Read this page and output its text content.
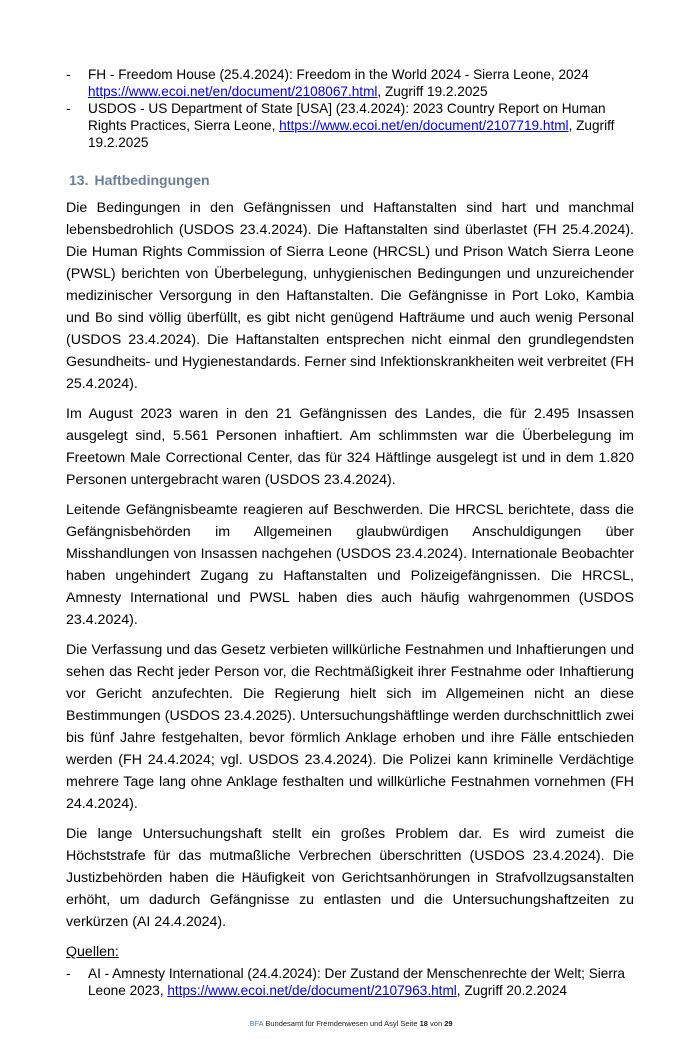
-	FH - Freedom House (25.4.2024): Freedom in the World 2024 - Sierra Leone, 2024 https://www.ecoi.net/en/document/2108067.html, Zugriff 19.2.2025
-	USDOS - US Department of State [USA] (23.4.2024): 2023 Country Report on Human Rights Practices, Sierra Leone, https://www.ecoi.net/en/document/2107719.html, Zugriff 19.2.2025
13. Haftbedingungen

Die Bedingungen in den Gefängnissen und Haftanstalten sind hart und manchmal lebensbedrohlich (USDOS 23.4.2024). Die Haftanstalten sind überlastet (FH 25.4.2024). Die Human Rights Commission of Sierra Leone (HRCSL) und Prison Watch Sierra Leone (PWSL) berichten von Überbelegung, unhygienischen Bedingungen und unzureichender medizinischer Versorgung in den Haftanstalten. Die Gefängnisse in Port Loko, Kambia und Bo sind völlig überfüllt, es gibt nicht genügend Hafträume und auch wenig Personal (USDOS 23.4.2024). Die Haftanstalten entsprechen nicht einmal den grundlegendsten Gesundheits- und Hygienestandards. Ferner sind Infektionskrankheiten weit verbreitet (FH 25.4.2024).

Im August 2023 waren in den 21 Gefängnissen des Landes, die für 2.495 Insassen ausgelegt sind, 5.561 Personen inhaftiert. Am schlimmsten war die Überbelegung im Freetown Male Correctional Center, das für 324 Häftlinge ausgelegt ist und in dem 1.820 Personen untergebracht waren (USDOS 23.4.2024).

Leitende Gefängnisbeamte reagieren auf Beschwerden. Die HRCSL berichtete, dass die Gefängnisbehörden im Allgemeinen glaubwürdigen Anschuldigungen über Misshandlungen von Insassen nachgehen (USDOS 23.4.2024). Internationale Beobachter haben ungehindert Zugang zu Haftanstalten und Polizeigefängnissen. Die HRCSL, Amnesty International und PWSL haben dies auch häufig wahrgenommen (USDOS 23.4.2024).

Die Verfassung und das Gesetz verbieten willkürliche Festnahmen und Inhaftierungen und sehen das Recht jeder Person vor, die Rechtmäßigkeit ihrer Festnahme oder Inhaftierung vor Gericht anzufechten. Die Regierung hielt sich im Allgemeinen nicht an diese Bestimmungen (USDOS 23.4.2025). Untersuchungshäftlinge werden durchschnittlich zwei bis fünf Jahre festgehalten, bevor förmlich Anklage erhoben und ihre Fälle entschieden werden (FH 24.4.2024; vgl. USDOS 23.4.2024). Die Polizei kann kriminelle Verdächtige mehrere Tage lang ohne Anklage festhalten und willkürliche Festnahmen vornehmen (FH 24.4.2024).

Die lange Untersuchungshaft stellt ein großes Problem dar. Es wird zumeist die Höchststrafe für das mutmaßliche Verbrechen überschritten (USDOS 23.4.2024). Die Justizbehörden haben die Häufigkeit von Gerichtsanhörungen in Strafvollzugsanstalten erhöht, um dadurch Gefängnisse zu entlasten und die Untersuchungshaftzeiten zu verkürzen (AI 24.4.2024).

Quellen:
-	AI - Amnesty International (24.4.2024): Der Zustand der Menschenrechte der Welt; Sierra Leone 2023, https://www.ecoi.net/de/document/2107963.html, Zugriff 20.2.2024
.BFA Bundesamt für Fremdenwesen und Asyl Seite 18 von 29
